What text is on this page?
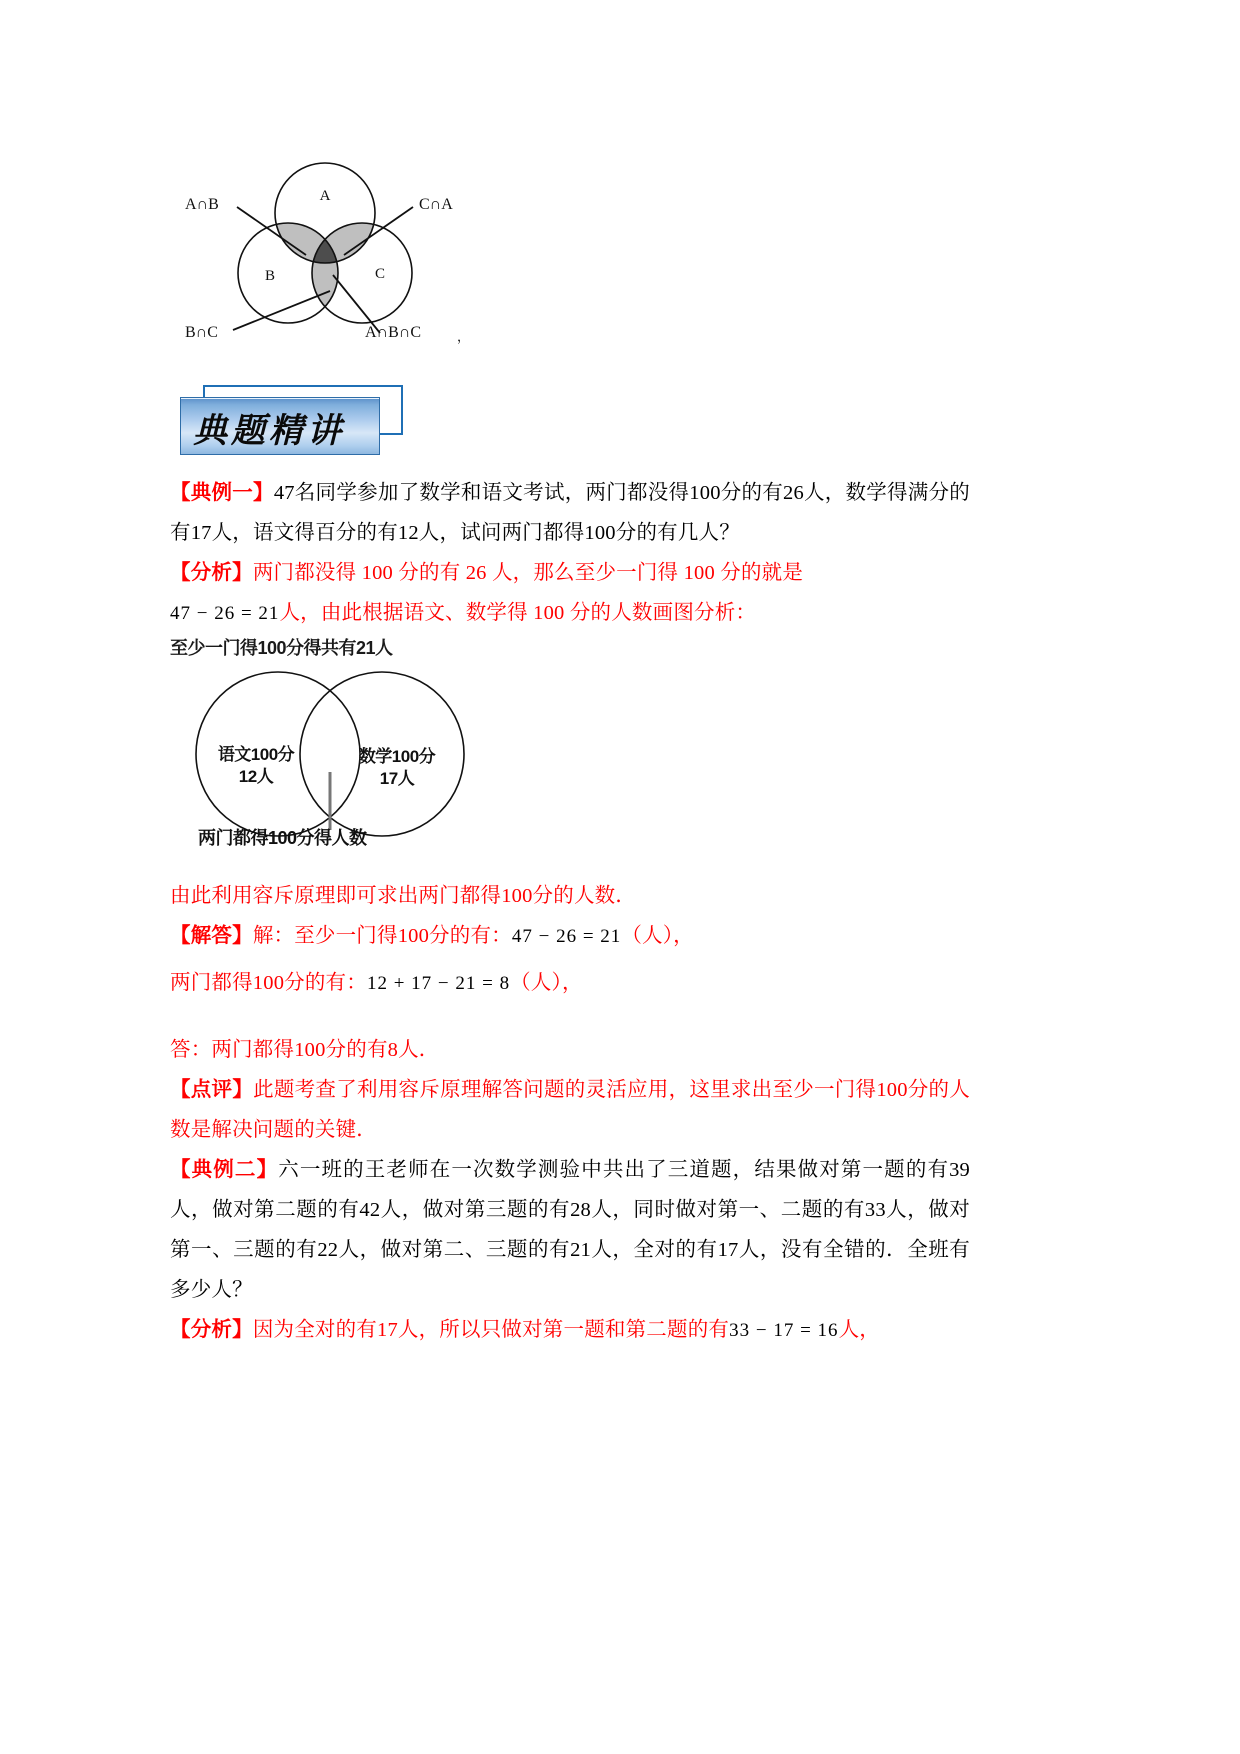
A
B	C
A∩B	C∩A
B∩C	A∩B∩C	，
典题精讲

【典例一】47名同学参加了数学和语文考试，两门都没得100分的有26人，数学得满分的有17人，语文得百分的有12人，试问两门都得100分的有几人？

【分析】两门都没得 100 分的有 26 人，那么至少一门得 100 分的就是

47 − 26 = 21人，由此根据语文、数学得 100 分的人数画图分析：

至少一门得100分得共有21人
语文100分
12人
数学100分
17人
两门都得100分得人数

由此利用容斥原理即可求出两门都得100分的人数．

【解答】解：至少一门得100分的有：47 − 26 = 21（人），

两门都得100分的有：12 + 17 − 21 = 8（人），

答：两门都得100分的有8人．

【点评】此题考查了利用容斥原理解答问题的灵活应用，这里求出至少一门得100分的人数是解决问题的关键．

【典例二】六一班的王老师在一次数学测验中共出了三道题，结果做对第一题的有39人，做对第二题的有42人，做对第三题的有28人，同时做对第一、二题的有33人，做对第一、三题的有22人，做对第二、三题的有21人，全对的有17人，没有全错的．全班有多少人？

【分析】因为全对的有17人，所以只做对第一题和第二题的有33 − 17 = 16人，
